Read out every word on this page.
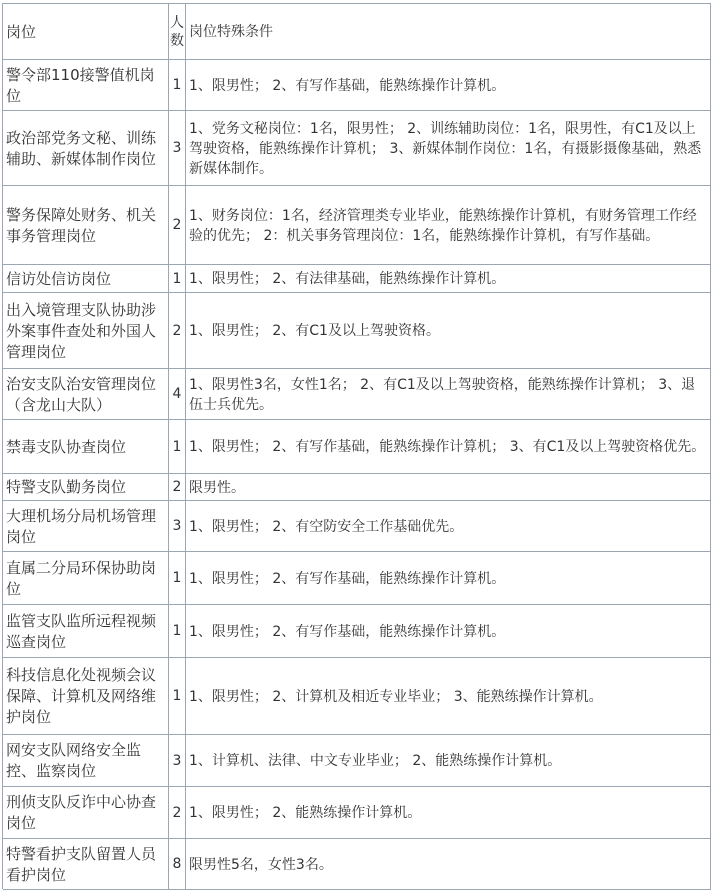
岗位	人数	岗位特殊条件
警令部110接警值机岗位	1	1、限男性； 2、有写作基础，能熟练操作计算机。
政治部党务文秘、训练辅助、新媒体制作岗位	3	1、党务文秘岗位：1名，限男性； 2、训练辅助岗位：1名，限男性，有C1及以上驾驶资格，能熟练操作计算机； 3、新媒体制作岗位：1名，有摄影摄像基础，熟悉新媒体制作。
警务保障处财务、机关事务管理岗位	2	1、财务岗位：1名，经济管理类专业毕业，能熟练操作计算机，有财务管理工作经验的优先； 2：机关事务管理岗位：1名，能熟练操作计算机，有写作基础。
信访处信访岗位	1	1、限男性； 2、有法律基础，能熟练操作计算机。
出入境管理支队协助涉外案事件查处和外国人管理岗位	2	1、限男性； 2、有C1及以上驾驶资格。
治安支队治安管理岗位（含龙山大队）	4	1、限男性3名，女性1名； 2、有C1及以上驾驶资格，能熟练操作计算机； 3、退伍士兵优先。
禁毒支队协查岗位	1	1、限男性； 2、有写作基础，能熟练操作计算机； 3、有C1及以上驾驶资格优先。
特警支队勤务岗位	2	限男性。
大理机场分局机场管理岗位	3	1、限男性； 2、有空防安全工作基础优先。
直属二分局环保协助岗位	1	1、限男性； 2、有写作基础，能熟练操作计算机。
监管支队监所远程视频巡查岗位	1	1、限男性； 2、有写作基础，能熟练操作计算机。
科技信息化处视频会议保障、计算机及网络维护岗位	1	1、限男性； 2、计算机及相近专业毕业； 3、能熟练操作计算机。
网安支队网络安全监控、监察岗位	3	1、计算机、法律、中文专业毕业； 2、能熟练操作计算机。
刑侦支队反诈中心协查岗位	2	1、限男性； 2、能熟练操作计算机。
特警看护支队留置人员看护岗位	8	限男性5名，女性3名。
